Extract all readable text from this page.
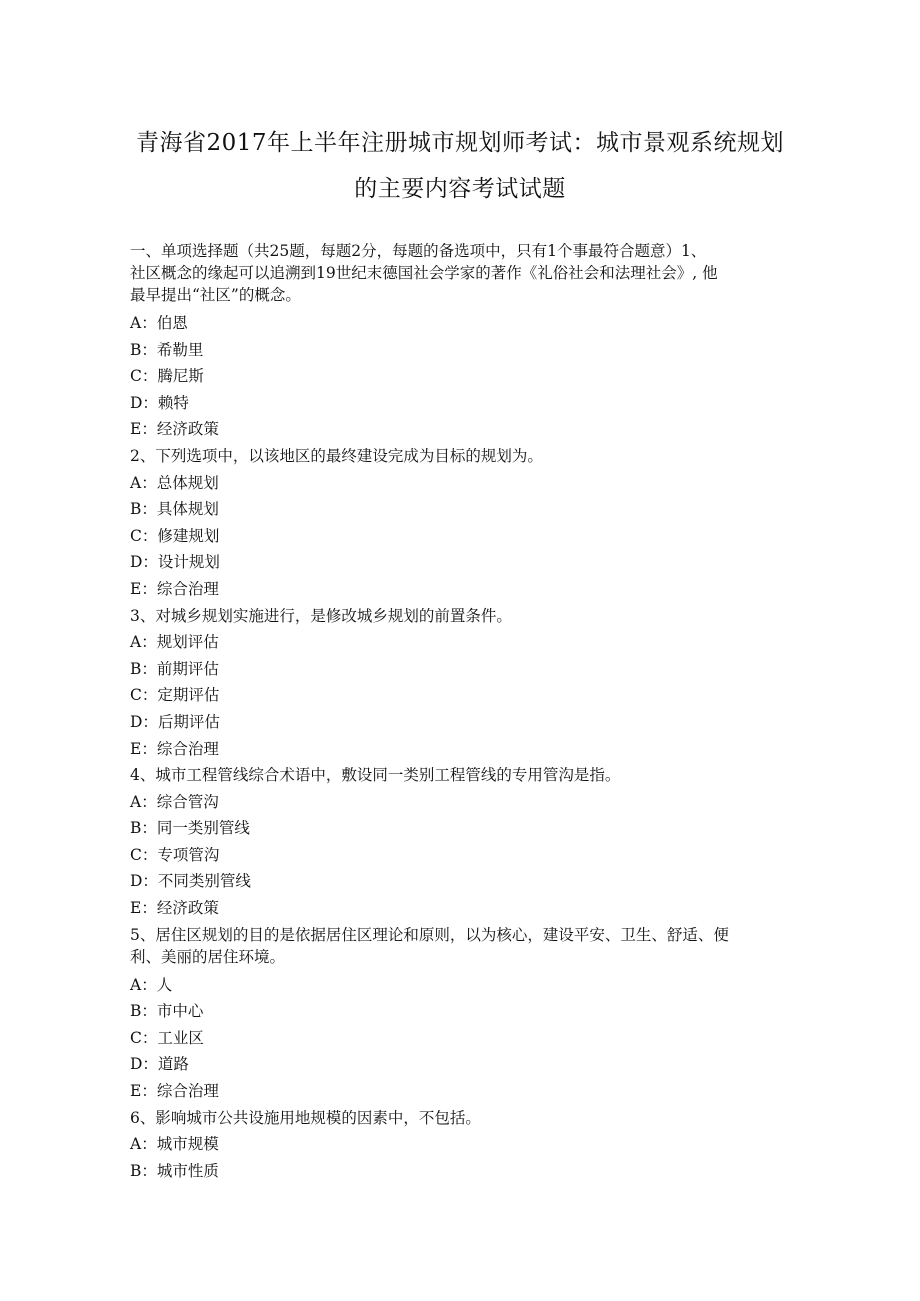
青海省2017年上半年注册城市规划师考试：城市景观系统规划
的主要内容考试试题
一、单项选择题（共25题，每题2分，每题的备选项中，只有1个事最符合题意）1、
社区概念的缘起可以追溯到19世纪末德国社会学家的著作《礼俗社会和法理社会》, 他
最早提出“社区”的概念。
A：伯恩
B：希勒里
C：腾尼斯
D：赖特
E：经济政策
2、下列选项中，以该地区的最终建设完成为目标的规划为。
A：总体规划
B：具体规划
C：修建规划
D：设计规划
E：综合治理
3、对城乡规划实施进行，是修改城乡规划的前置条件。
A：规划评估
B：前期评估
C：定期评估
D：后期评估
E：综合治理
4、城市工程管线综合术语中，敷设同一类别工程管线的专用管沟是指。
A：综合管沟
B：同一类别管线
C：专项管沟
D：不同类别管线
E：经济政策
5、居住区规划的目的是依据居住区理论和原则，以为核心，建设平安、卫生、舒适、便
利、美丽的居住环境。
A：人
B：市中心
C：工业区
D：道路
E：综合治理
6、影响城市公共设施用地规模的因素中，不包括。
A：城市规模
B：城市性质
